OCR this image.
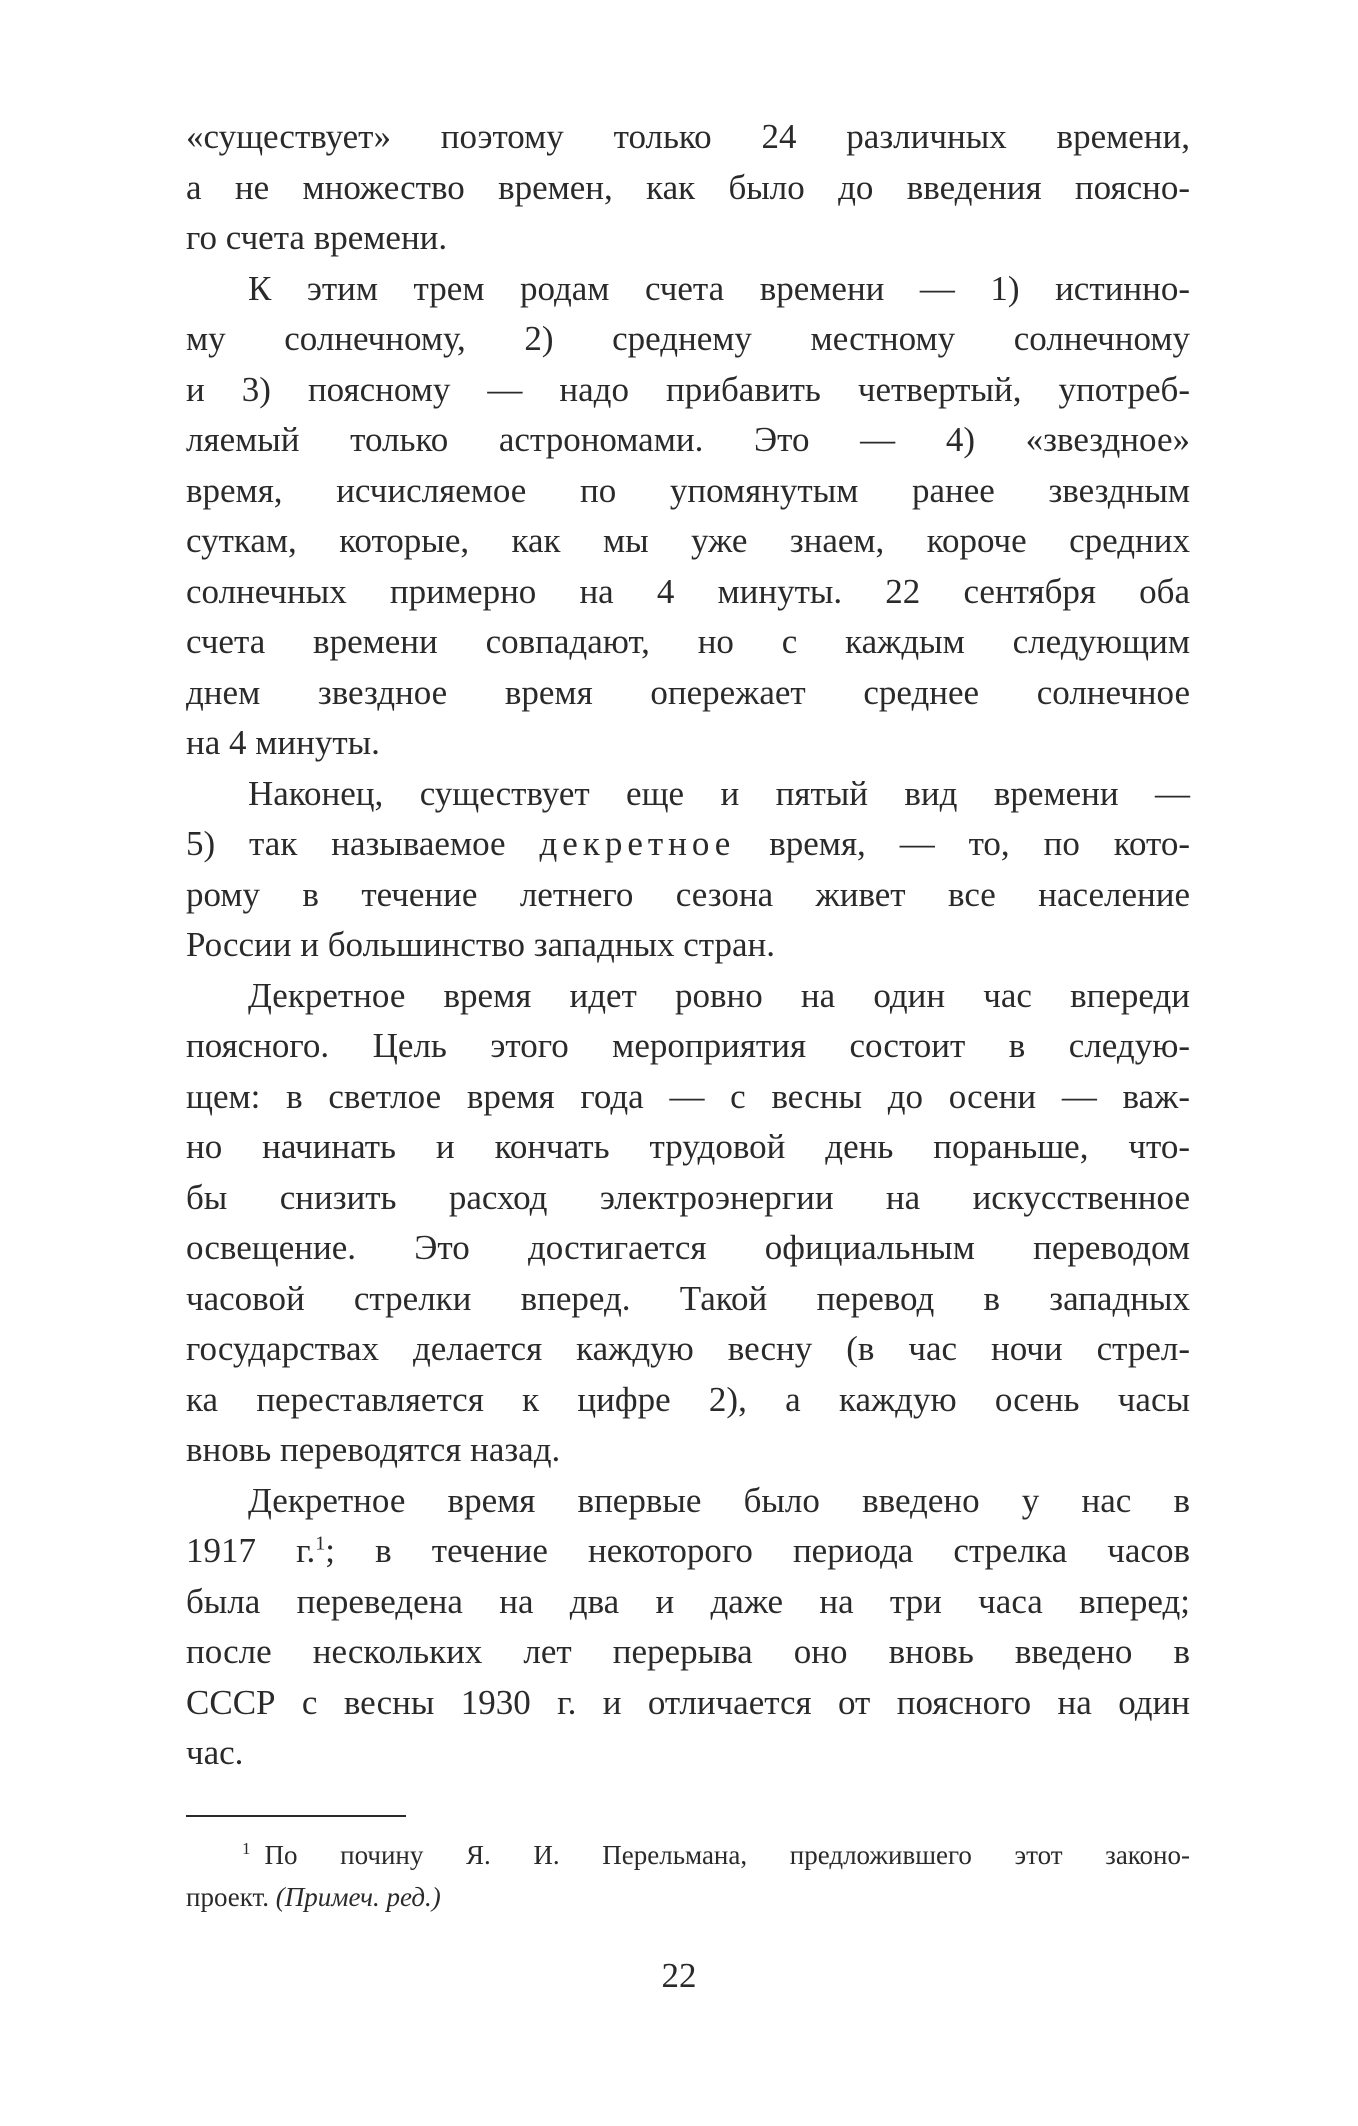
«существует» поэтому только 24 различных времени,
а не множество времен, как было до введения поясно-
го счета времени.
К этим трем родам счета времени — 1) истинно-
му солнечному, 2) среднему местному солнечному
и 3) поясному — надо прибавить четвертый, употреб-
ляемый только астрономами. Это — 4) «звездное»
время, исчисляемое по упомянутым ранее звездным
суткам, которые, как мы уже знаем, короче средних
солнечных примерно на 4 минуты. 22 сентября оба
счета времени совпадают, но с каждым следующим
днем звездное время опережает среднее солнечное
на 4 минуты.
Наконец, существует еще и пятый вид времени —
5) так называемое декретное время, — то, по кото-
рому в течение летнего сезона живет все население
России и большинство западных стран.
Декретное время идет ровно на один час впереди
поясного. Цель этого мероприятия состоит в следую-
щем: в светлое время года — с весны до осени — важ-
но начинать и кончать трудовой день пораньше, что-
бы снизить расход электроэнергии на искусственное
освещение. Это достигается официальным переводом
часовой стрелки вперед. Такой перевод в западных
государствах делается каждую весну (в час ночи стрел-
ка переставляется к цифре 2), а каждую осень часы
вновь переводятся назад.
Декретное время впервые было введено у нас в
1917 г.$^1$; в течение некоторого периода стрелка часов
была переведена на два и даже на три часа вперед;
после нескольких лет перерыва оно вновь введено в
СССР с весны 1930 г. и отличается от поясного на один
час.
$^1$ По почину Я. И. Перельмана, предложившего этот законо-
проект. (Примеч. ред.)
22
